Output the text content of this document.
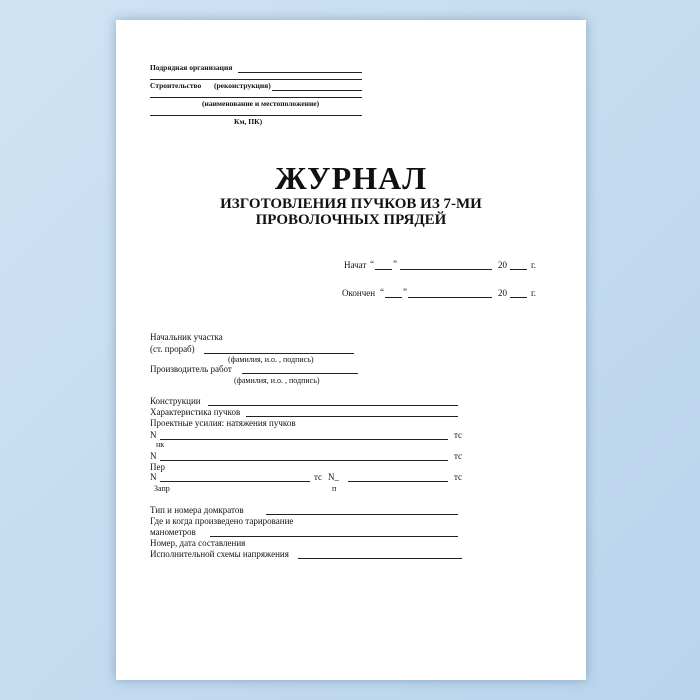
Подрядная организация
Строительство (реконструкция)
(наименование и местоположение)
Км, ПК)
ЖУРНАЛ
ИЗГОТОВЛЕНИЯ ПУЧКОВ ИЗ 7-МИ
ПРОВОЛОЧНЫХ ПРЯДЕЙ
Начат “ ”	20	г.
Окончен “ ”	20	г.
Начальник участка
(ст. прораб)
(фамилия, и.о. , подпись)
Производитель работ
(фамилия, и.о. , подпись)
Конструкции
Характеристика пучков
Проектные усилия: натяжения пучков
N	тс
нк
N	тс
Пер
N	тс N_	тс
Запр	п
Тип и номера домкратов
Где и когда произведено тарирование
манометров
Номер, дата составления
Исполнительной схемы напряжения
